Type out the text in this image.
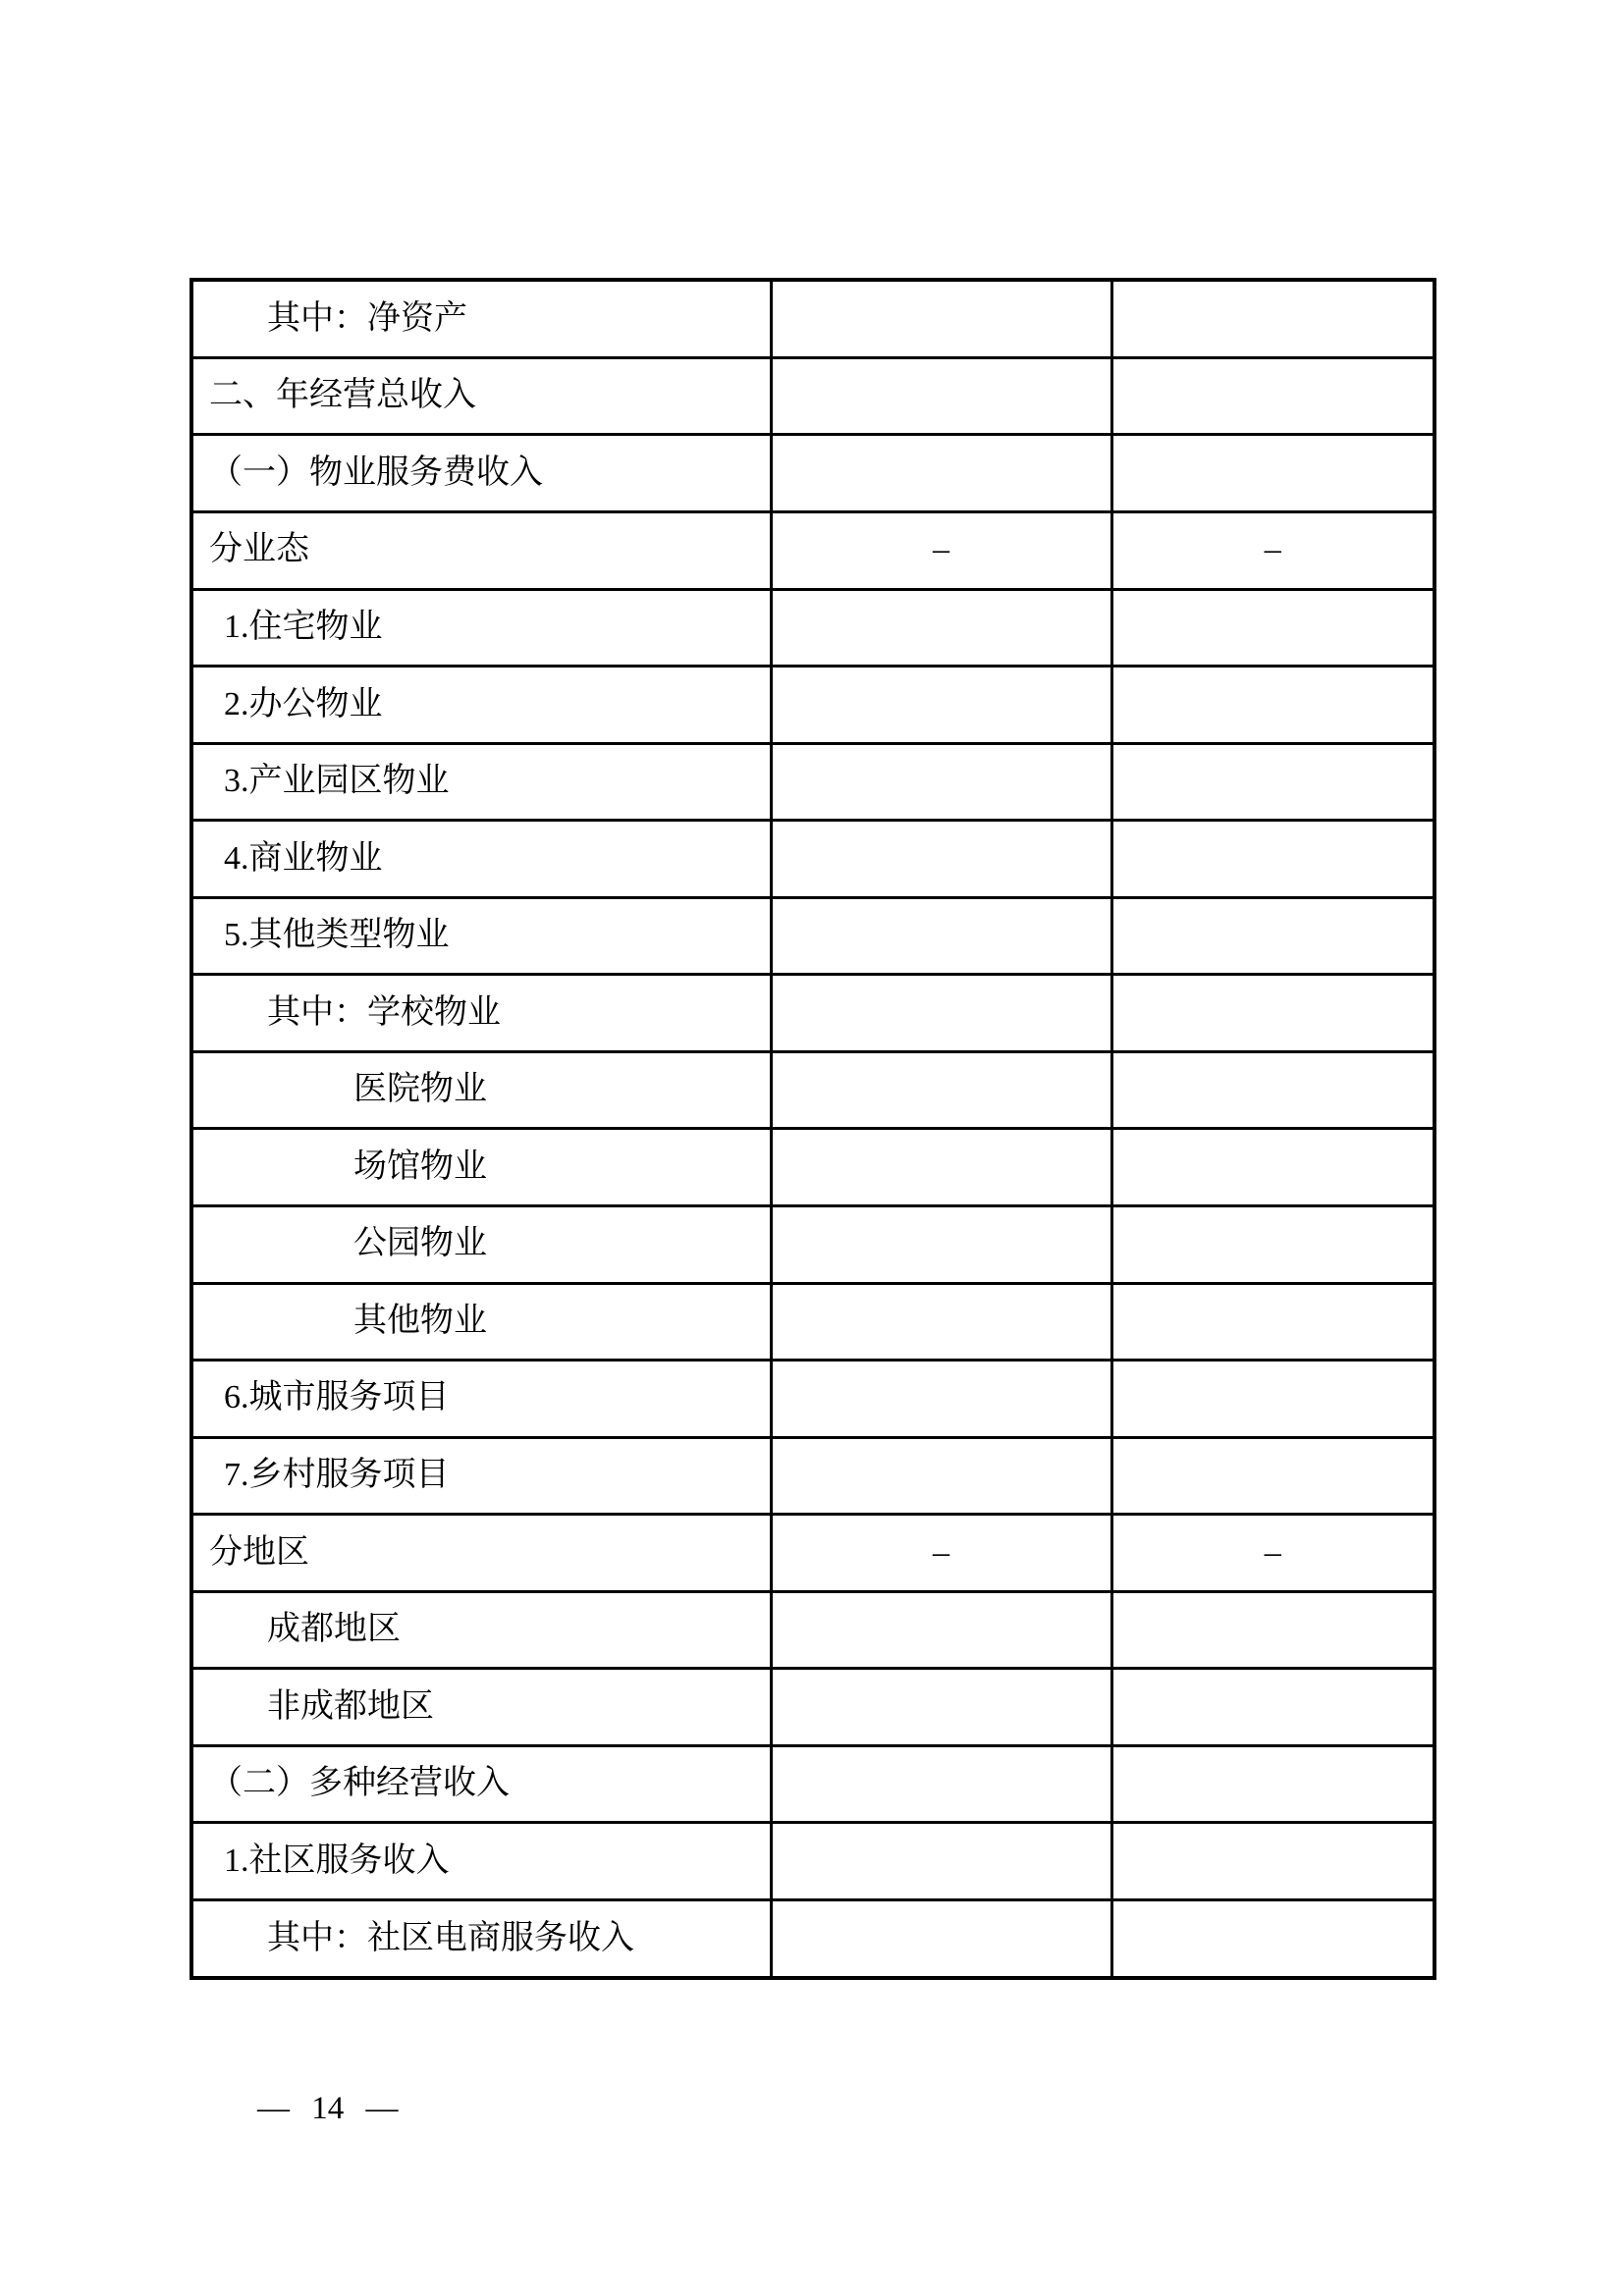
其中：净资产		
二、年经营总收入		
（一）物业服务费收入		
分业态	–	–
1.住宅物业		
2.办公物业		
3.产业园区物业		
4.商业物业		
5.其他类型物业		
其中：学校物业		
医院物业		
场馆物业		
公园物业		
其他物业		
6.城市服务项目		
7.乡村服务项目		
分地区	–	–
成都地区		
非成都地区		
（二）多种经营收入		
1.社区服务收入		
其中：社区电商服务收入		
— 14 —
